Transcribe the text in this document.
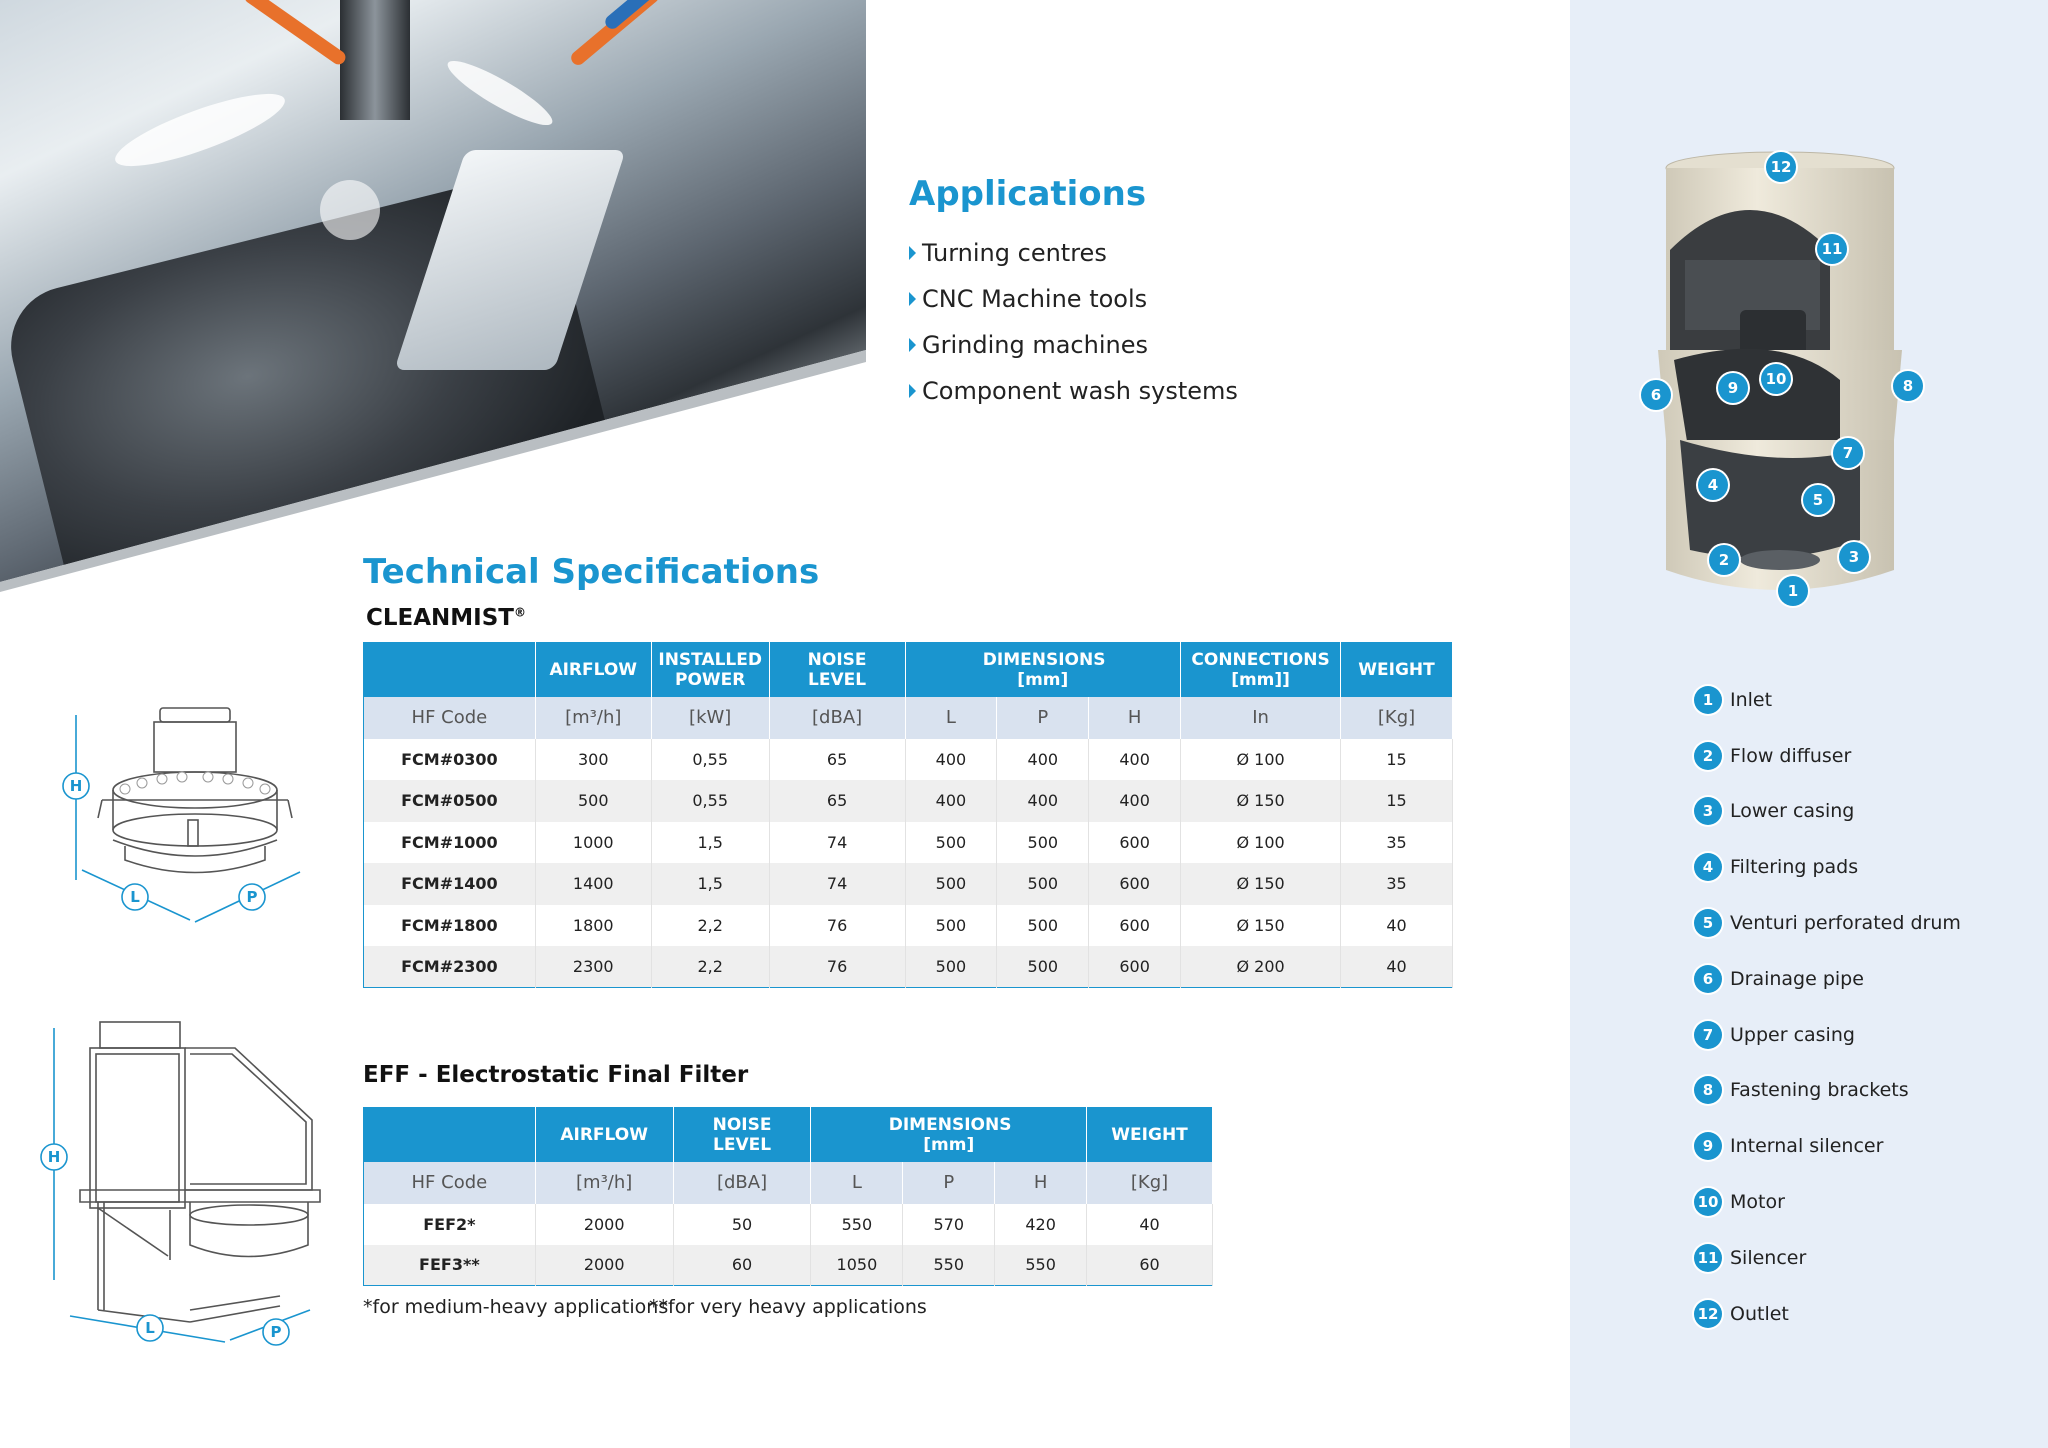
Applications
Turning centres
CNC Machine tools
Grinding machines
Component wash systems
Technical Specifications
CLEANMIST®
H
L	P
	AIRFLOW	INSTALLED POWER	NOISE LEVEL	DIMENSIONS [mm]			CONNECTIONS [mm]]	WEIGHT
HF Code	[m³/h]	[kW]	[dBA]	L	P	H	In	[Kg]
FCM#0300	300	0,55	65	400	400	400	Ø 100	15
FCM#0500	500	0,55	65	400	400	400	Ø 150	15
FCM#1000	1000	1,5	74	500	500	600	Ø 100	35
FCM#1400	1400	1,5	74	500	500	600	Ø 150	35
FCM#1800	1800	2,2	76	500	500	600	Ø 150	40
FCM#2300	2300	2,2	76	500	500	600	Ø 200	40
EFF - Electrostatic Final Filter
H
L	P
	AIRFLOW	NOISE LEVEL	DIMENSIONS [mm]			WEIGHT
HF Code	[m³/h]	[dBA]	L	P	H	[Kg]
FEF2*	2000	50	550	570	420	40
FEF3**	2000	60	1050	550	550	60
*for medium-heavy applications
**for very heavy applications
12
11
6	9	10	8
7
4
5
2	3
1
1 Inlet
2 Flow diffuser
3 Lower casing
4 Filtering pads
5 Venturi perforated drum
6 Drainage pipe
7 Upper casing
8 Fastening brackets
9 Internal silencer
10 Motor
11 Silencer
12 Outlet
